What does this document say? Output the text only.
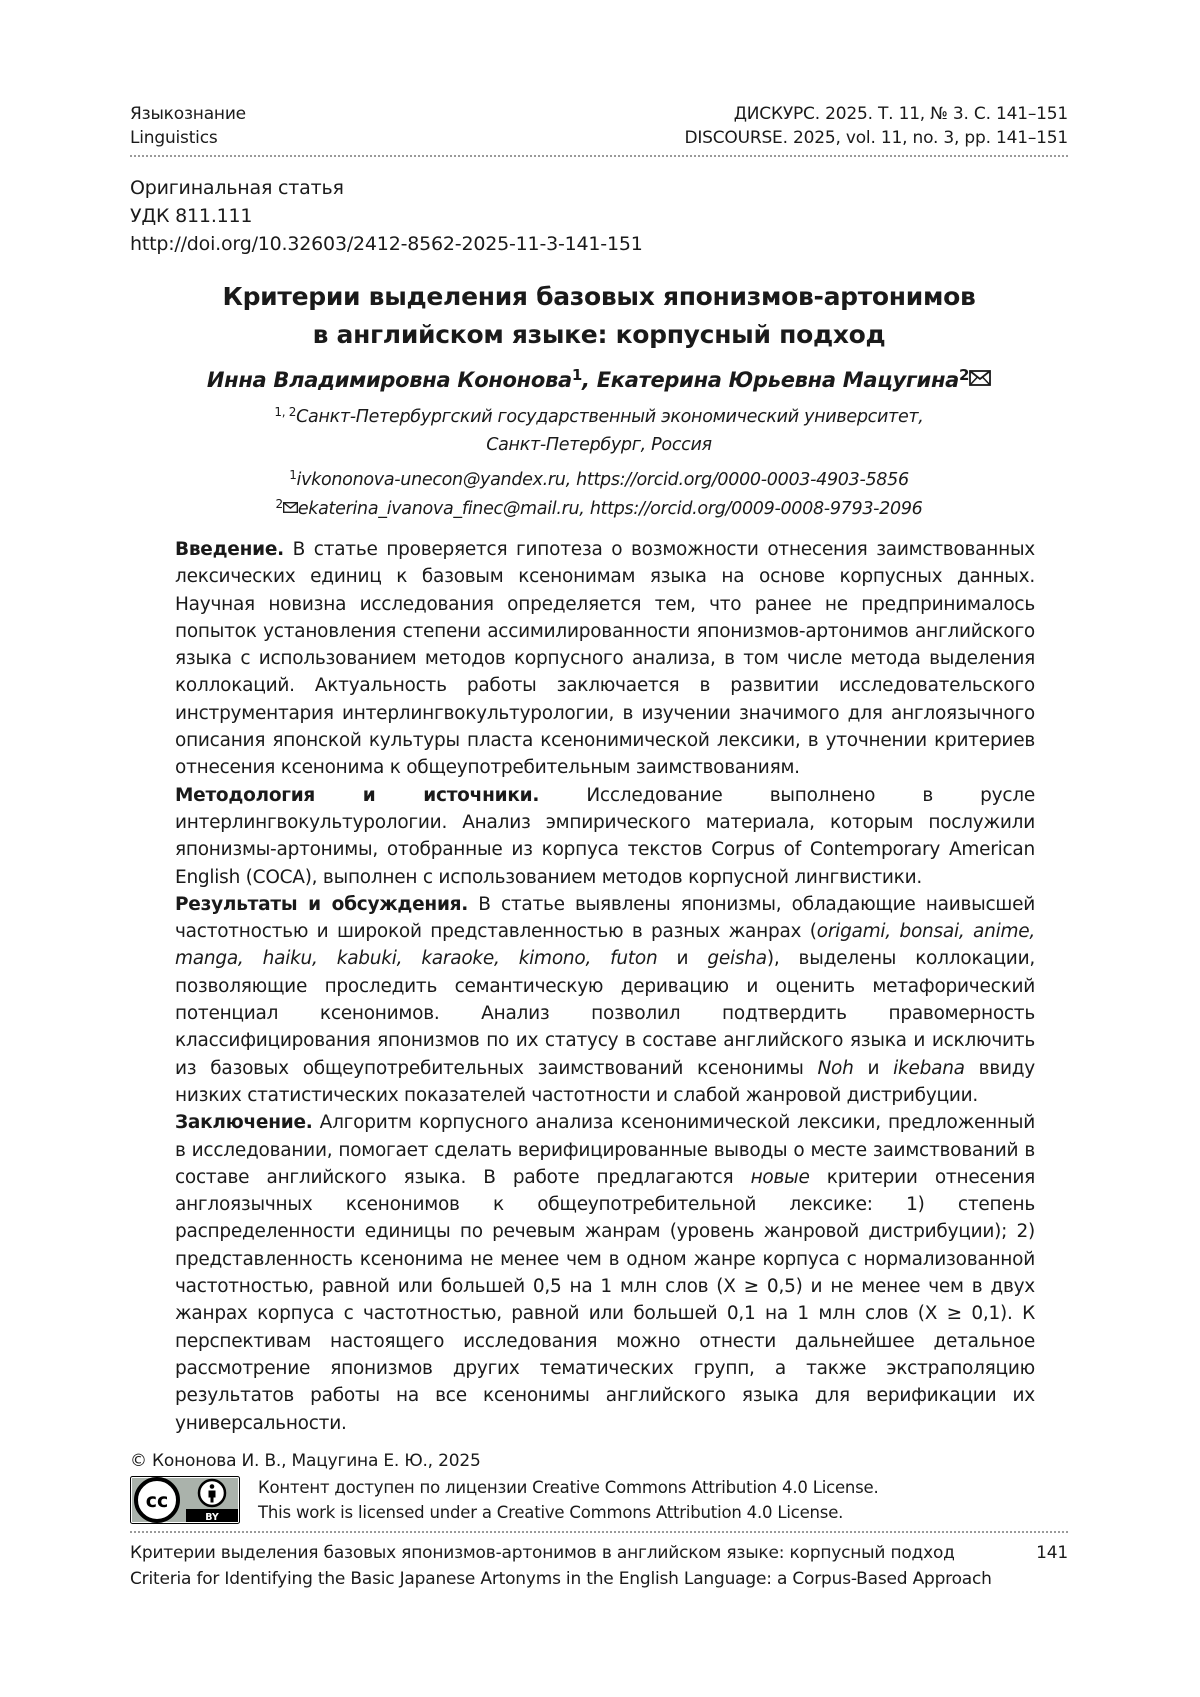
Языкознание	ДИСКУРС. 2025. Т. 11, № 3. С. 141–151
Linguistics	DISCOURSE. 2025, vol. 11, no. 3, pp. 141–151
Оригинальная статья
УДК 811.111
http://doi.org/10.32603/2412-8562-2025-11-3-141-151
Критерии выделения базовых японизмов-артонимов
в английском языке: корпусный подход
Инна Владимировна Кононова$^1$, Екатерина Юрьевна Мацугина$^2$
$^{1, 2}$Санкт-Петербургский государственный экономический университет,
Санкт-Петербург, Россия
$^1$ivkononova-unecon@yandex.ru, https://orcid.org/0000-0003-4903-5856
$^2$ ekaterina_ivanova_finec@mail.ru, https://orcid.org/0009-0008-9793-2096

Введение. В статье проверяется гипотеза о возможности отнесения заимствованных лексических единиц к базовым ксенонимам языка на основе корпусных данных. Научная новизна исследования определяется тем, что ранее не предпринималось попыток установления степени ассимилированности японизмов-артонимов английского языка с использованием методов корпусного анализа, в том числе метода выделения коллокаций. Актуальность работы заключается в развитии исследовательского инструментария интерлингвокультурологии, в изучении значимого для англоязычного описания японской культуры пласта ксенонимической лексики, в уточнении критериев отнесения ксенонима к общеупотребительным заимствованиям.

Методология и источники. Исследование выполнено в русле интерлингвокультурологии. Анализ эмпирического материала, которым послужили японизмы-артонимы, отобранные из корпуса текстов Corpus of Contemporary American English (COCA), выполнен с использованием методов корпусной лингвистики.

Результаты и обсуждения. В статье выявлены японизмы, обладающие наивысшей частотностью и широкой представленностью в разных жанрах (origami, bonsai, anime, manga, haiku, kabuki, karaoke, kimono, futon и geisha), выделены коллокации, позволяющие проследить семантическую деривацию и оценить метафорический потенциал ксенонимов. Анализ позволил подтвердить правомерность классифицирования японизмов по их статусу в составе английского языка и исключить из базовых общеупотребительных заимствований ксенонимы Noh и ikebana ввиду низких статистических показателей частотности и слабой жанровой дистрибуции.

Заключение. Алгоритм корпусного анализа ксенонимической лексики, предложенный в исследовании, помогает сделать верифицированные выводы о месте заимствований в составе английского языка. В работе предлагаются новые критерии отнесения англоязычных ксенонимов к общеупотребительной лексике: 1) степень распределенности единицы по речевым жанрам (уровень жанровой дистрибуции); 2) представленность ксенонима не менее чем в одном жанре корпуса с нормализованной частотностью, равной или большей 0,5 на 1 млн слов (X ≥ 0,5) и не менее чем в двух жанрах корпуса с частотностью, равной или большей 0,1 на 1 млн слов (X ≥ 0,1). К перспективам настоящего исследования можно отнести дальнейшее детальное рассмотрение японизмов других тематических групп, а также экстраполяцию результатов работы на все ксенонимы английского языка для верификации их универсальности.

© Кононова И. В., Мацугина Е. Ю., 2025
cc
BY
Контент доступен по лицензии Creative Commons Attribution 4.0 License.
This work is licensed under a Creative Commons Attribution 4.0 License.
Критерии выделения базовых японизмов-артонимов в английском языке: корпусный подход	141
Criteria for Identifying the Basic Japanese Artonyms in the English Language: a Corpus-Based Approach
